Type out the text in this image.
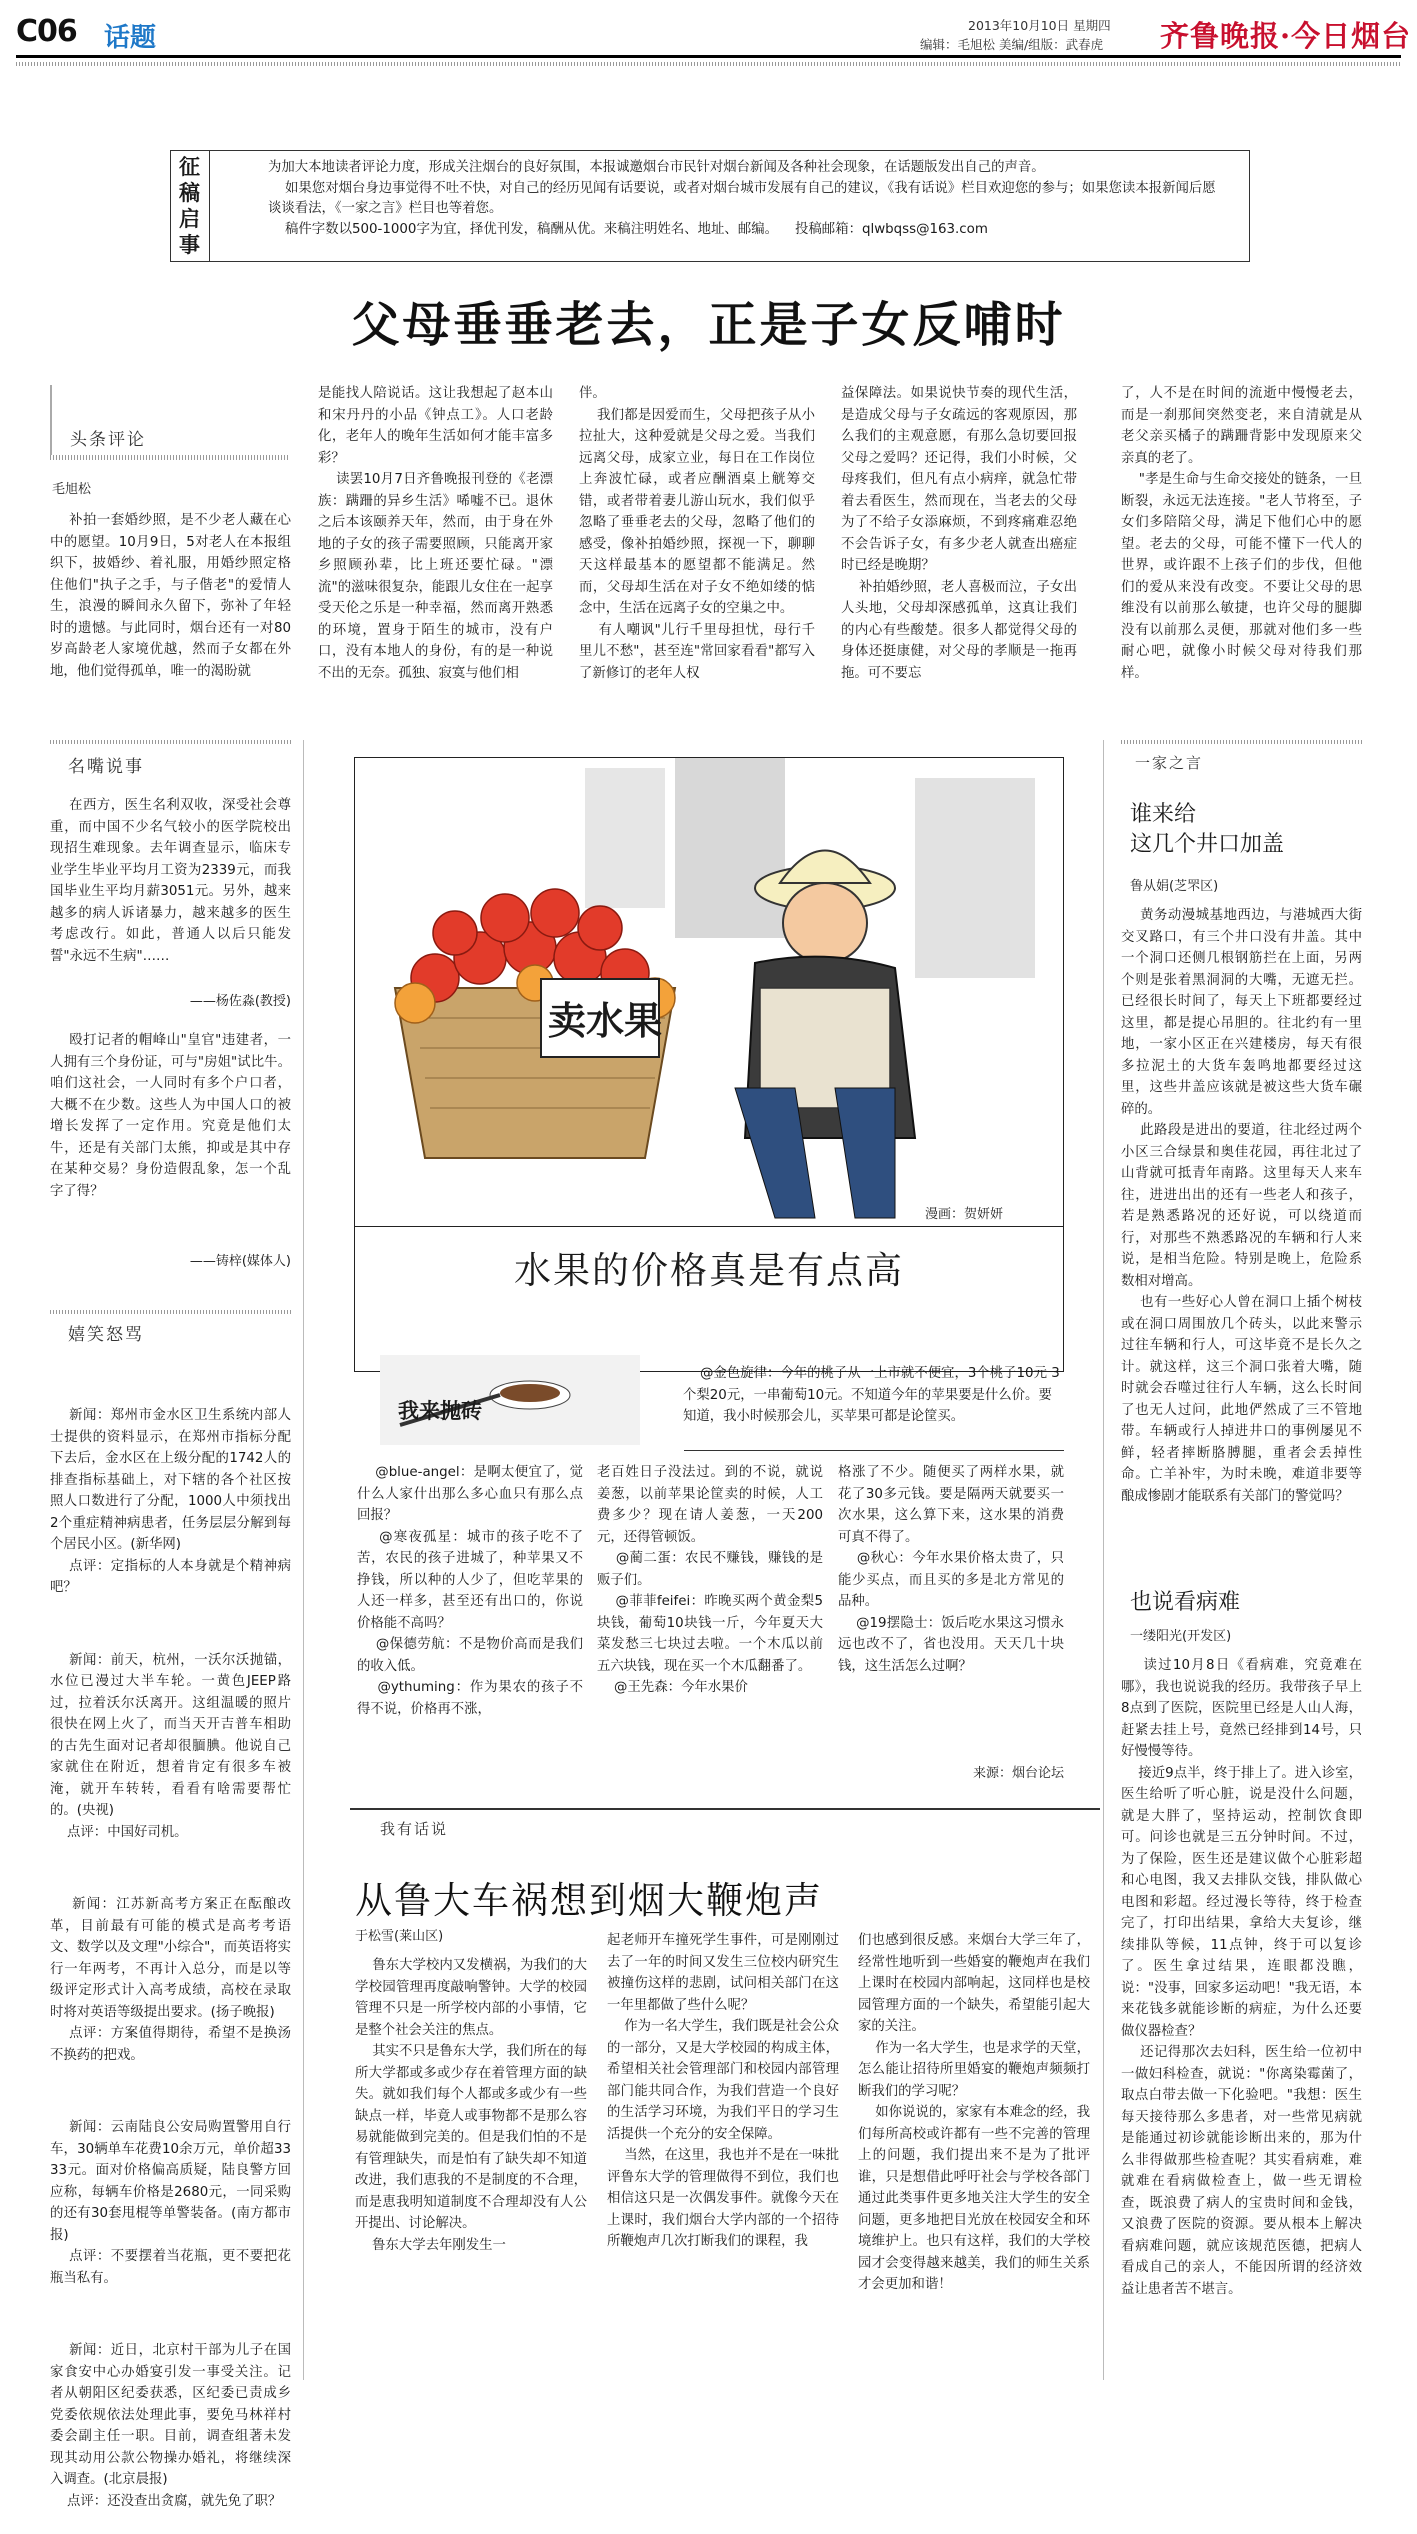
C06 话题	2013年10月10日 星期四
编辑：毛旭松 美编/组版：武春虎 齐鲁晚报·今日烟台
征
稿
启
事
为加大本地读者评论力度，形成关注烟台的良好氛围，本报诚邀烟台市民针对烟台新闻及各种社会现象，在话题版发出自己的声音。
如果您对烟台身边事觉得不吐不快，对自己的经历见闻有话要说，或者对烟台城市发展有自己的建议，《我有话说》栏目欢迎您的参与；如果您读本报新闻后愿谈谈看法，《一家之言》栏目也等着您。
稿件字数以500-1000字为宜，择优刊发，稿酬从优。来稿注明姓名、地址、邮编。    投稿邮箱：qlwbqss@163.com
父母垂垂老去，正是子女反哺时
头条评论
毛旭松
补拍一套婚纱照，是不少老人藏在心中的愿望。10月9日，5对老人在本报组织下，披婚纱、着礼服，用婚纱照定格住他们"执子之手，与子偕老"的爱情人生，浪漫的瞬间永久留下，弥补了年轻时的遗憾。与此同时，烟台还有一对80岁高龄老人家境优越，然而子女都在外地，他们觉得孤单，唯一的渴盼就
是能找人陪说话。这让我想起了赵本山和宋丹丹的小品《钟点工》。人口老龄化，老年人的晚年生活如何才能丰富多彩？
读罢10月7日齐鲁晚报刊登的《老漂族：蹒跚的异乡生活》唏嘘不已。退休之后本该颐养天年，然而，由于身在外地的子女的孩子需要照顾，只能离开家乡照顾孙辈，比上班还要忙碌。"漂流"的滋味很复杂，能跟儿女住在一起享受天伦之乐是一种幸福，然而离开熟悉的环境，置身于陌生的城市，没有户口，没有本地人的身份，有的是一种说不出的无奈。孤独、寂寞与他们相
伴。
我们都是因爱而生，父母把孩子从小拉扯大，这种爱就是父母之爱。当我们远离父母，成家立业，每日在工作岗位上奔波忙碌，或者应酬酒桌上觥筹交错，或者带着妻儿游山玩水，我们似乎忽略了垂垂老去的父母，忽略了他们的感受，像补拍婚纱照，探视一下，聊聊天这样最基本的愿望都不能满足。然而，父母却生活在对子女不绝如缕的惦念中，生活在远离子女的空巢之中。
有人嘲讽"儿行千里母担忧，母行千里儿不愁"，甚至连"常回家看看"都写入了新修订的老年人权
益保障法。如果说快节奏的现代生活，是造成父母与子女疏远的客观原因，那么我们的主观意愿，有那么急切要回报父母之爱吗？还记得，我们小时候，父母疼我们，但凡有点小病痒，就急忙带着去看医生，然而现在，当老去的父母为了不给子女添麻烦，不到疼痛难忍绝不会告诉子女，有多少老人就查出癌症时已经是晚期？
补拍婚纱照，老人喜极而泣，子女出人头地，父母却深感孤单，这真让我们的内心有些酸楚。很多人都觉得父母的身体还挺康健，对父母的孝顺是一拖再拖。可不要忘
了，人不是在时间的流逝中慢慢老去，而是一刹那间突然变老，来自清就是从老父亲买橘子的蹒跚背影中发现原来父亲真的老了。
"孝是生命与生命交接处的链条，一旦断裂，永远无法连接。"老人节将至，子女们多陪陪父母，满足下他们心中的愿望。老去的父母，可能不懂下一代人的世界，或许跟不上孩子们的步伐，但他们的爱从来没有改变。不要让父母的思维没有以前那么敏捷，也许父母的腿脚没有以前那么灵便，那就对他们多一些耐心吧，就像小时候父母对待我们那样。
名嘴说事
在西方，医生名利双收，深受社会尊重，而中国不少名气较小的医学院校出现招生难现象。去年调查显示，临床专业学生毕业平均月工资为2339元，而我国毕业生平均月薪3051元。另外，越来越多的病人诉诸暴力，越来越多的医生考虑改行。如此，普通人以后只能发誓"永远不生病"……
——杨佐淼(教授)
殴打记者的帽峰山"皇官"违建者，一人拥有三个身份证，可与"房姐"试比牛。咱们这社会，一人同时有多个户口者，大概不在少数。这些人为中国人口的被增长发挥了一定作用。究竟是他们太牛，还是有关部门太熊，抑或是其中存在某种交易？身份造假乱象，怎一个乱字了得？
——铸梓(媒体人)
嬉笑怒骂

新闻：郑州市金水区卫生系统内部人士提供的资料显示，在郑州市指标分配下去后，金水区在上级分配的1742人的排查指标基础上，对下辖的各个社区按照人口数进行了分配，1000人中须找出2个重症精神病患者，任务层层分解到每个居民小区。(新华网)
点评：定指标的人本身就是个精神病吧？

新闻：前天，杭州，一沃尔沃抛锚，水位已漫过大半车轮。一黄色JEEP路过，拉着沃尔沃离开。这组温暖的照片很快在网上火了，而当天开吉普车相助的古先生面对记者却很腼腆。他说自己家就住在附近，想着肯定有很多车被淹，就开车转转，看看有啥需要帮忙的。(央视)
点评：中国好司机。

新闻：江苏新高考方案正在酝酿改革，目前最有可能的模式是高考考语文、数学以及文理"小综合"，而英语将实行一年两考，不再计入总分，而是以等级评定形式计入高考成绩，高校在录取时将对英语等级提出要求。(扬子晚报)
点评：方案值得期待，希望不是换汤不换药的把戏。

新闻：云南陆良公安局购置警用自行车，30辆单车花费10余万元，单价超3333元。面对价格偏高质疑，陆良警方回应称，每辆车价格是2680元，一同采购的还有30套甩棍等单警装备。(南方都市报)
点评：不要摆着当花瓶，更不要把花瓶当私有。

新闻：近日，北京村干部为儿子在国家食安中心办婚宴引发一事受关注。记者从朝阳区纪委获悉，区纪委已责成乡党委依规依法处理此事，要免马林祥村委会副主任一职。目前，调查组著未发现其动用公款公物操办婚礼，将继续深入调查。(北京晨报)
点评：还没查出贪腐，就先免了职？

卖水果
漫画：贺妍妍
水果的价格真是有点高
我来抛砖
@金色旋律：今年的桃子从一上市就不便宜，3个桃子10元 3个梨20元，一串葡萄10元。不知道今年的苹果要是什么价。要知道，我小时候那会儿，买苹果可都是论筐买。
@blue-angel：是啊太便宜了，觉什么人家什出那么多心血只有那么点回报？
@寒夜孤星：城市的孩子吃不了苦，农民的孩子进城了，种苹果又不挣钱，所以种的人少了，但吃苹果的人还一样多，甚至还有出口的，你说价格能不高吗？
@保德劳航：不是物价高而是我们的收入低。
@ythuming：作为果农的孩子不得不说，价格再不涨，
老百姓日子没法过。到的不说，就说姜葱，以前苹果论筐卖的时候，人工费多少？现在请人姜葱，一天200元，还得管顿饭。
@蔺二蛋：农民不赚钱，赚钱的是贩子们。
@菲菲feifei：昨晚买两个黄金梨5块钱，葡萄10块钱一斤，今年夏天大菜发愁三七块过去啦。一个木瓜以前五六块钱，现在买一个木瓜翻番了。
@王先森：今年水果价
格涨了不少。随便买了两样水果，就花了30多元钱。要是隔两天就要买一次水果，这么算下来，这水果的消费可真不得了。
@秋心：今年水果价格太贵了，只能少买点，而且买的多是北方常见的品种。
@19摆隐士：饭后吃水果这习惯永远也改不了，省也没用。天天几十块钱，这生活怎么过啊？
来源：烟台论坛
我有话说
从鲁大车祸想到烟大鞭炮声
于松雪(莱山区)
鲁东大学校内又发横祸，为我们的大学校园管理再度敲响警钟。大学的校园管理不只是一所学校内部的小事情，它是整个社会关注的焦点。
其实不只是鲁东大学，我们所在的每所大学都或多或少存在着管理方面的缺失。就如我们每个人都或多或少有一些缺点一样，毕竟人或事物都不是那么容易就能做到完美的。但是我们怕的不是有管理缺失，而是怕有了缺失却不知道改进，我们恵我的不是制度的不合理，而是恵我明知道制度不合理却没有人公开提出、讨论解决。
鲁东大学去年刚发生一
起老师开车撞死学生事件，可是刚刚过去了一年的时间又发生三位校内研究生被撞伤这样的悲剧，试问相关部门在这一年里都做了些什么呢？
作为一名大学生，我们既是社会公众的一部分，又是大学校园的构成主体，希望相关社会管理部门和校园内部管理部门能共同合作，为我们营造一个良好的生活学习环境，为我们平日的学习生活提供一个充分的安全保障。
当然，在这里，我也并不是在一味批评鲁东大学的管理做得不到位，我们也相信这只是一次偶发事件。就像今天在上课时，我们烟台大学内部的一个招待所鞭炮声几次打断我们的课程，我
们也感到很反感。来烟台大学三年了，经常性地听到一些婚宴的鞭炮声在我们上课时在校园内部响起，这同样也是校园管理方面的一个缺失，希望能引起大家的关注。
作为一名大学生，也是求学的天堂，怎么能让招待所里婚宴的鞭炮声频频打断我们的学习呢？
如你说说的，家家有本难念的经，我们每所高校或许都有一些不完善的管理上的问题，我们提出来不是为了批评谁，只是想借此呼吁社会与学校各部门通过此类事件更多地关注大学生的安全问题，更多地把目光放在校园安全和环境维护上。也只有这样，我们的大学校园才会变得越来越美，我们的师生关系才会更加和谐！
一家之言
谁来给
这几个井口加盖
鲁从娟(芝罘区)
黄务动漫城基地西边，与港城西大街交叉路口，有三个井口没有井盖。其中一个洞口还侧几根钢筋拦在上面，另两个则是张着黑洞洞的大嘴，无遮无拦。已经很长时间了，每天上下班都要经过这里，都是提心吊胆的。往北约有一里地，一家小区正在兴建楼房，每天有很多拉泥土的大货车轰鸣地都要经过这里，这些井盖应该就是被这些大货车碾碎的。
此路段是进出的要道，往北经过两个小区三合绿景和奥佳花园，再往北过了山背就可抵青年南路。这里每天人来车往，进进出出的还有一些老人和孩子，若是熟悉路况的还好说，可以绕道而行，对那些不熟悉路况的车辆和行人来说，是相当危险。特别是晚上，危险系数相对增高。
也有一些好心人曾在洞口上插个树枝或在洞口周围放几个砖头，以此来警示过往车辆和行人，可这毕竟不是长久之计。就这样，这三个洞口张着大嘴，随时就会吞噬过往行人车辆，这么长时间了也无人过问，此地俨然成了三不管地带。车辆或行人掉进井口的事例屡见不鲜，轻者摔断胳膊腿，重者会丢掉性命。亡羊补牢，为时未晚，难道非要等酿成惨剧才能联系有关部门的警觉吗？
也说看病难
一缕阳光(开发区)
读过10月8日《看病难，究竟难在哪》，我也说说我的经历。我带孩子早上8点到了医院，医院里已经是人山人海，赶紧去挂上号，竟然已经排到14号，只好慢慢等待。
接近9点半，终于排上了。进入诊室，医生给听了听心脏，说是没什么问题，就是大胖了，坚持运动，控制饮食即可。问诊也就是三五分钟时间。不过，为了保险，医生还是建议做个心脏彩超和心电图，我又去排队交钱，排队做心电图和彩超。经过漫长等待，终于检查完了，打印出结果，拿给大夫复诊，继续排队等候，11点钟，终于可以复诊了。医生拿过结果，连眼都没瞧，说："没事，回家多运动吧！"我无语，本来花钱多就能诊断的病症，为什么还要做仪器检查？
还记得那次去妇科，医生给一位初中一做妇科检查，就说："你离染霉菌了，取点白带去做一下化验吧。"我想：医生每天接待那么多患者，对一些常见病就是能通过初诊就能诊断出来的，那为什么非得做那些检查呢？其实看病难，难就难在看病做检查上，做一些无谓检查，既浪费了病人的宝贵时间和金钱，又浪费了医院的资源。要从根本上解决看病难问题，就应该规范医德，把病人看成自己的亲人，不能因所谓的经济效益让患者苦不堪言。
